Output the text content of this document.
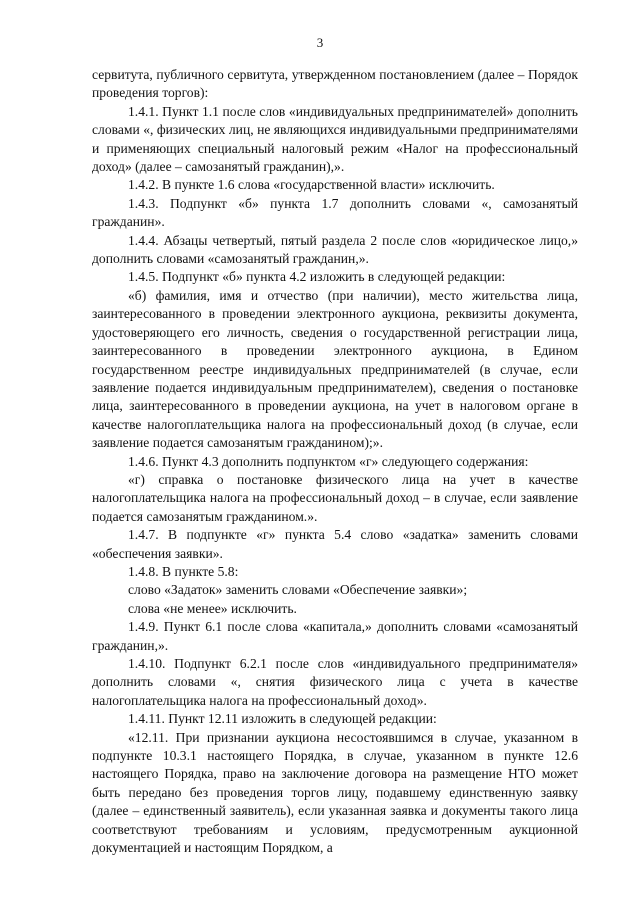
3

сервитута, публичного сервитута, утвержденном постановлением (далее – Порядок проведения торгов):

1.4.1. Пункт 1.1 после слов «индивидуальных предпринимателей» дополнить словами «, физических лиц, не являющихся индивидуальными предпринимателями и применяющих специальный налоговый режим «Налог на профессиональный доход» (далее – самозанятый гражданин),».

1.4.2. В пункте 1.6 слова «государственной власти» исключить.

1.4.3. Подпункт «б» пункта 1.7 дополнить словами «, самозанятый гражданин».

1.4.4. Абзацы четвертый, пятый раздела 2 после слов «юридическое лицо,» дополнить словами «самозанятый гражданин,».

1.4.5. Подпункт «б» пункта 4.2 изложить в следующей редакции:

«б) фамилия, имя и отчество (при наличии), место жительства лица, заинтересованного в проведении электронного аукциона, реквизиты документа, удостоверяющего его личность, сведения о государственной регистрации лица, заинтересованного в проведении электронного аукциона, в Едином государственном реестре индивидуальных предпринимателей (в случае, если заявление подается индивидуальным предпринимателем), сведения о постановке лица, заинтересованного в проведении аукциона, на учет в налоговом органе в качестве налогоплательщика налога на профессиональный доход (в случае, если заявление подается самозанятым гражданином);».

1.4.6. Пункт 4.3 дополнить подпунктом «г» следующего содержания:

«г) справка о постановке физического лица на учет в качестве налогоплательщика налога на профессиональный доход – в случае, если заявление подается самозанятым гражданином.».

1.4.7. В подпункте «г» пункта 5.4 слово «задатка» заменить словами «обеспечения заявки».

1.4.8. В пункте 5.8:

слово «Задаток» заменить словами «Обеспечение заявки»;

слова «не менее» исключить.

1.4.9. Пункт 6.1 после слова «капитала,» дополнить словами «самозанятый гражданин,».

1.4.10. Подпункт 6.2.1 после слов «индивидуального предпринимателя» дополнить словами «, снятия физического лица с учета в качестве налогоплательщика налога на профессиональный доход».

1.4.11. Пункт 12.11 изложить в следующей редакции:

«12.11. При признании аукциона несостоявшимся в случае, указанном в подпункте 10.3.1 настоящего Порядка, в случае, указанном в пункте 12.6 настоящего Порядка, право на заключение договора на размещение НТО может быть передано без проведения торгов лицу, подавшему единственную заявку (далее – единственный заявитель), если указанная заявка и документы такого лица соответствуют требованиям и условиям, предусмотренным аукционной документацией и настоящим Порядком, а
